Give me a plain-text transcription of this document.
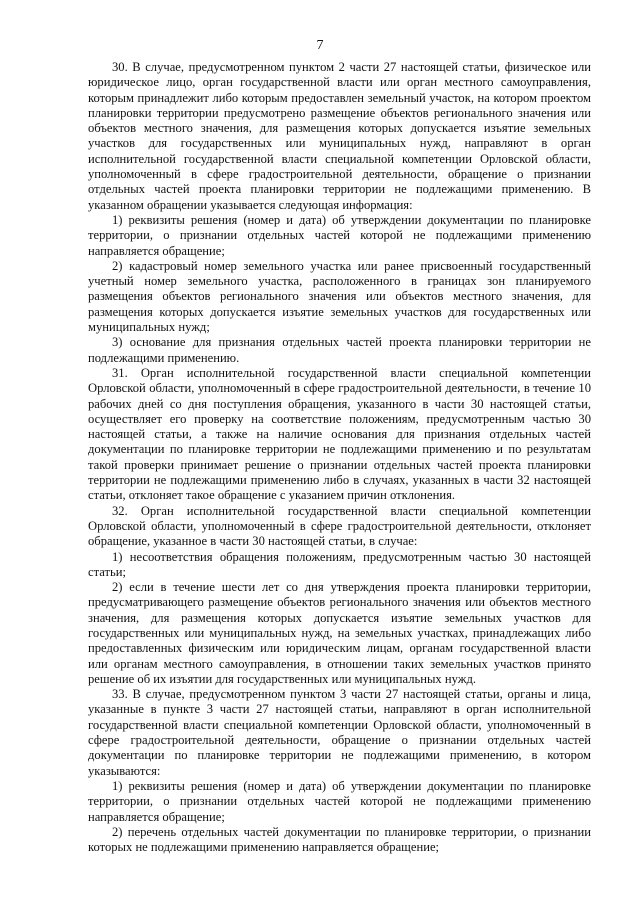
7

30. В случае, предусмотренном пунктом 2 части 27 настоящей статьи, физическое или юридическое лицо, орган государственной власти или орган местного самоуправления, которым принадлежит либо которым предоставлен земельный участок, на котором проектом планировки территории предусмотрено размещение объектов регионального значения или объектов местного значения, для размещения которых допускается изъятие земельных участков для государственных или муниципальных нужд, направляют в орган исполнительной государственной власти специальной компетенции Орловской области, уполномоченный в сфере градостроительной деятельности, обращение о признании отдельных частей проекта планировки территории не подлежащими применению. В указанном обращении указывается следующая информация:

1) реквизиты решения (номер и дата) об утверждении документации по планировке территории, о признании отдельных частей которой не подлежащими применению направляется обращение;

2) кадастровый номер земельного участка или ранее присвоенный государственный учетный номер земельного участка, расположенного в границах зон планируемого размещения объектов регионального значения или объектов местного значения, для размещения которых допускается изъятие земельных участков для государственных или муниципальных нужд;

3) основание для признания отдельных частей проекта планировки территории не подлежащими применению.

31. Орган исполнительной государственной власти специальной компетенции Орловской области, уполномоченный в сфере градостроительной деятельности, в течение 10 рабочих дней со дня поступления обращения, указанного в части 30 настоящей статьи, осуществляет его проверку на соответствие положениям, предусмотренным частью 30 настоящей статьи, а также на наличие основания для признания отдельных частей документации по планировке территории не подлежащими применению и по результатам такой проверки принимает решение о признании отдельных частей проекта планировки территории не подлежащими применению либо в случаях, указанных в части 32 настоящей статьи, отклоняет такое обращение с указанием причин отклонения.

32. Орган исполнительной государственной власти специальной компетенции Орловской области, уполномоченный в сфере градостроительной деятельности, отклоняет обращение, указанное в части 30 настоящей статьи, в случае:

1) несоответствия обращения положениям, предусмотренным частью 30 настоящей статьи;

2) если в течение шести лет со дня утверждения проекта планировки территории, предусматривающего размещение объектов регионального значения или объектов местного значения, для размещения которых допускается изъятие земельных участков для государственных или муниципальных нужд, на земельных участках, принадлежащих либо предоставленных физическим или юридическим лицам, органам государственной власти или органам местного самоуправления, в отношении таких земельных участков принято решение об их изъятии для государственных или муниципальных нужд.

33. В случае, предусмотренном пунктом 3 части 27 настоящей статьи, органы и лица, указанные в пункте 3 части 27 настоящей статьи, направляют в орган исполнительной государственной власти специальной компетенции Орловской области, уполномоченный в сфере градостроительной деятельности, обращение о признании отдельных частей документации по планировке территории не подлежащими применению, в котором указываются:

1) реквизиты решения (номер и дата) об утверждении документации по планировке территории, о признании отдельных частей которой не подлежащими применению направляется обращение;

2) перечень отдельных частей документации по планировке территории, о признании которых не подлежащими применению направляется обращение;
